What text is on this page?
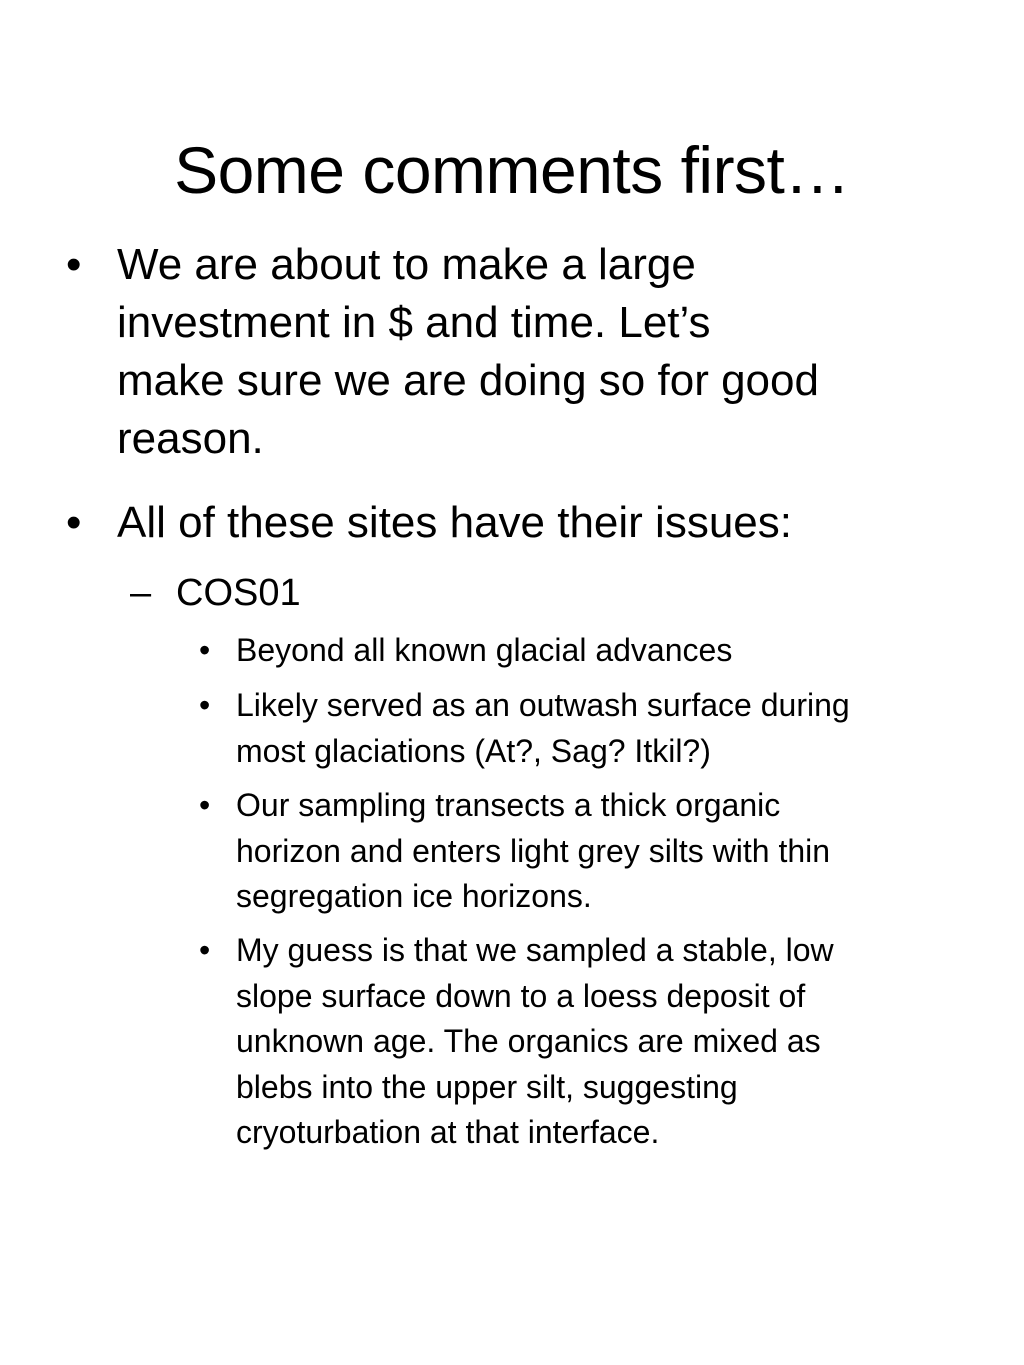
Some comments first…
• We are about to make a large
investment in $ and time. Let’s
make sure we are doing so for good
reason.
• All of these sites have their issues:
– COS01
• Beyond all known glacial advances
• Likely served as an outwash surface during
most glaciations (At?, Sag? Itkil?)
• Our sampling transects a thick organic
horizon and enters light grey silts with thin
segregation ice horizons.
• My guess is that we sampled a stable, low
slope surface down to a loess deposit of
unknown age. The organics are mixed as
blebs into the upper silt, suggesting
cryoturbation at that interface.
